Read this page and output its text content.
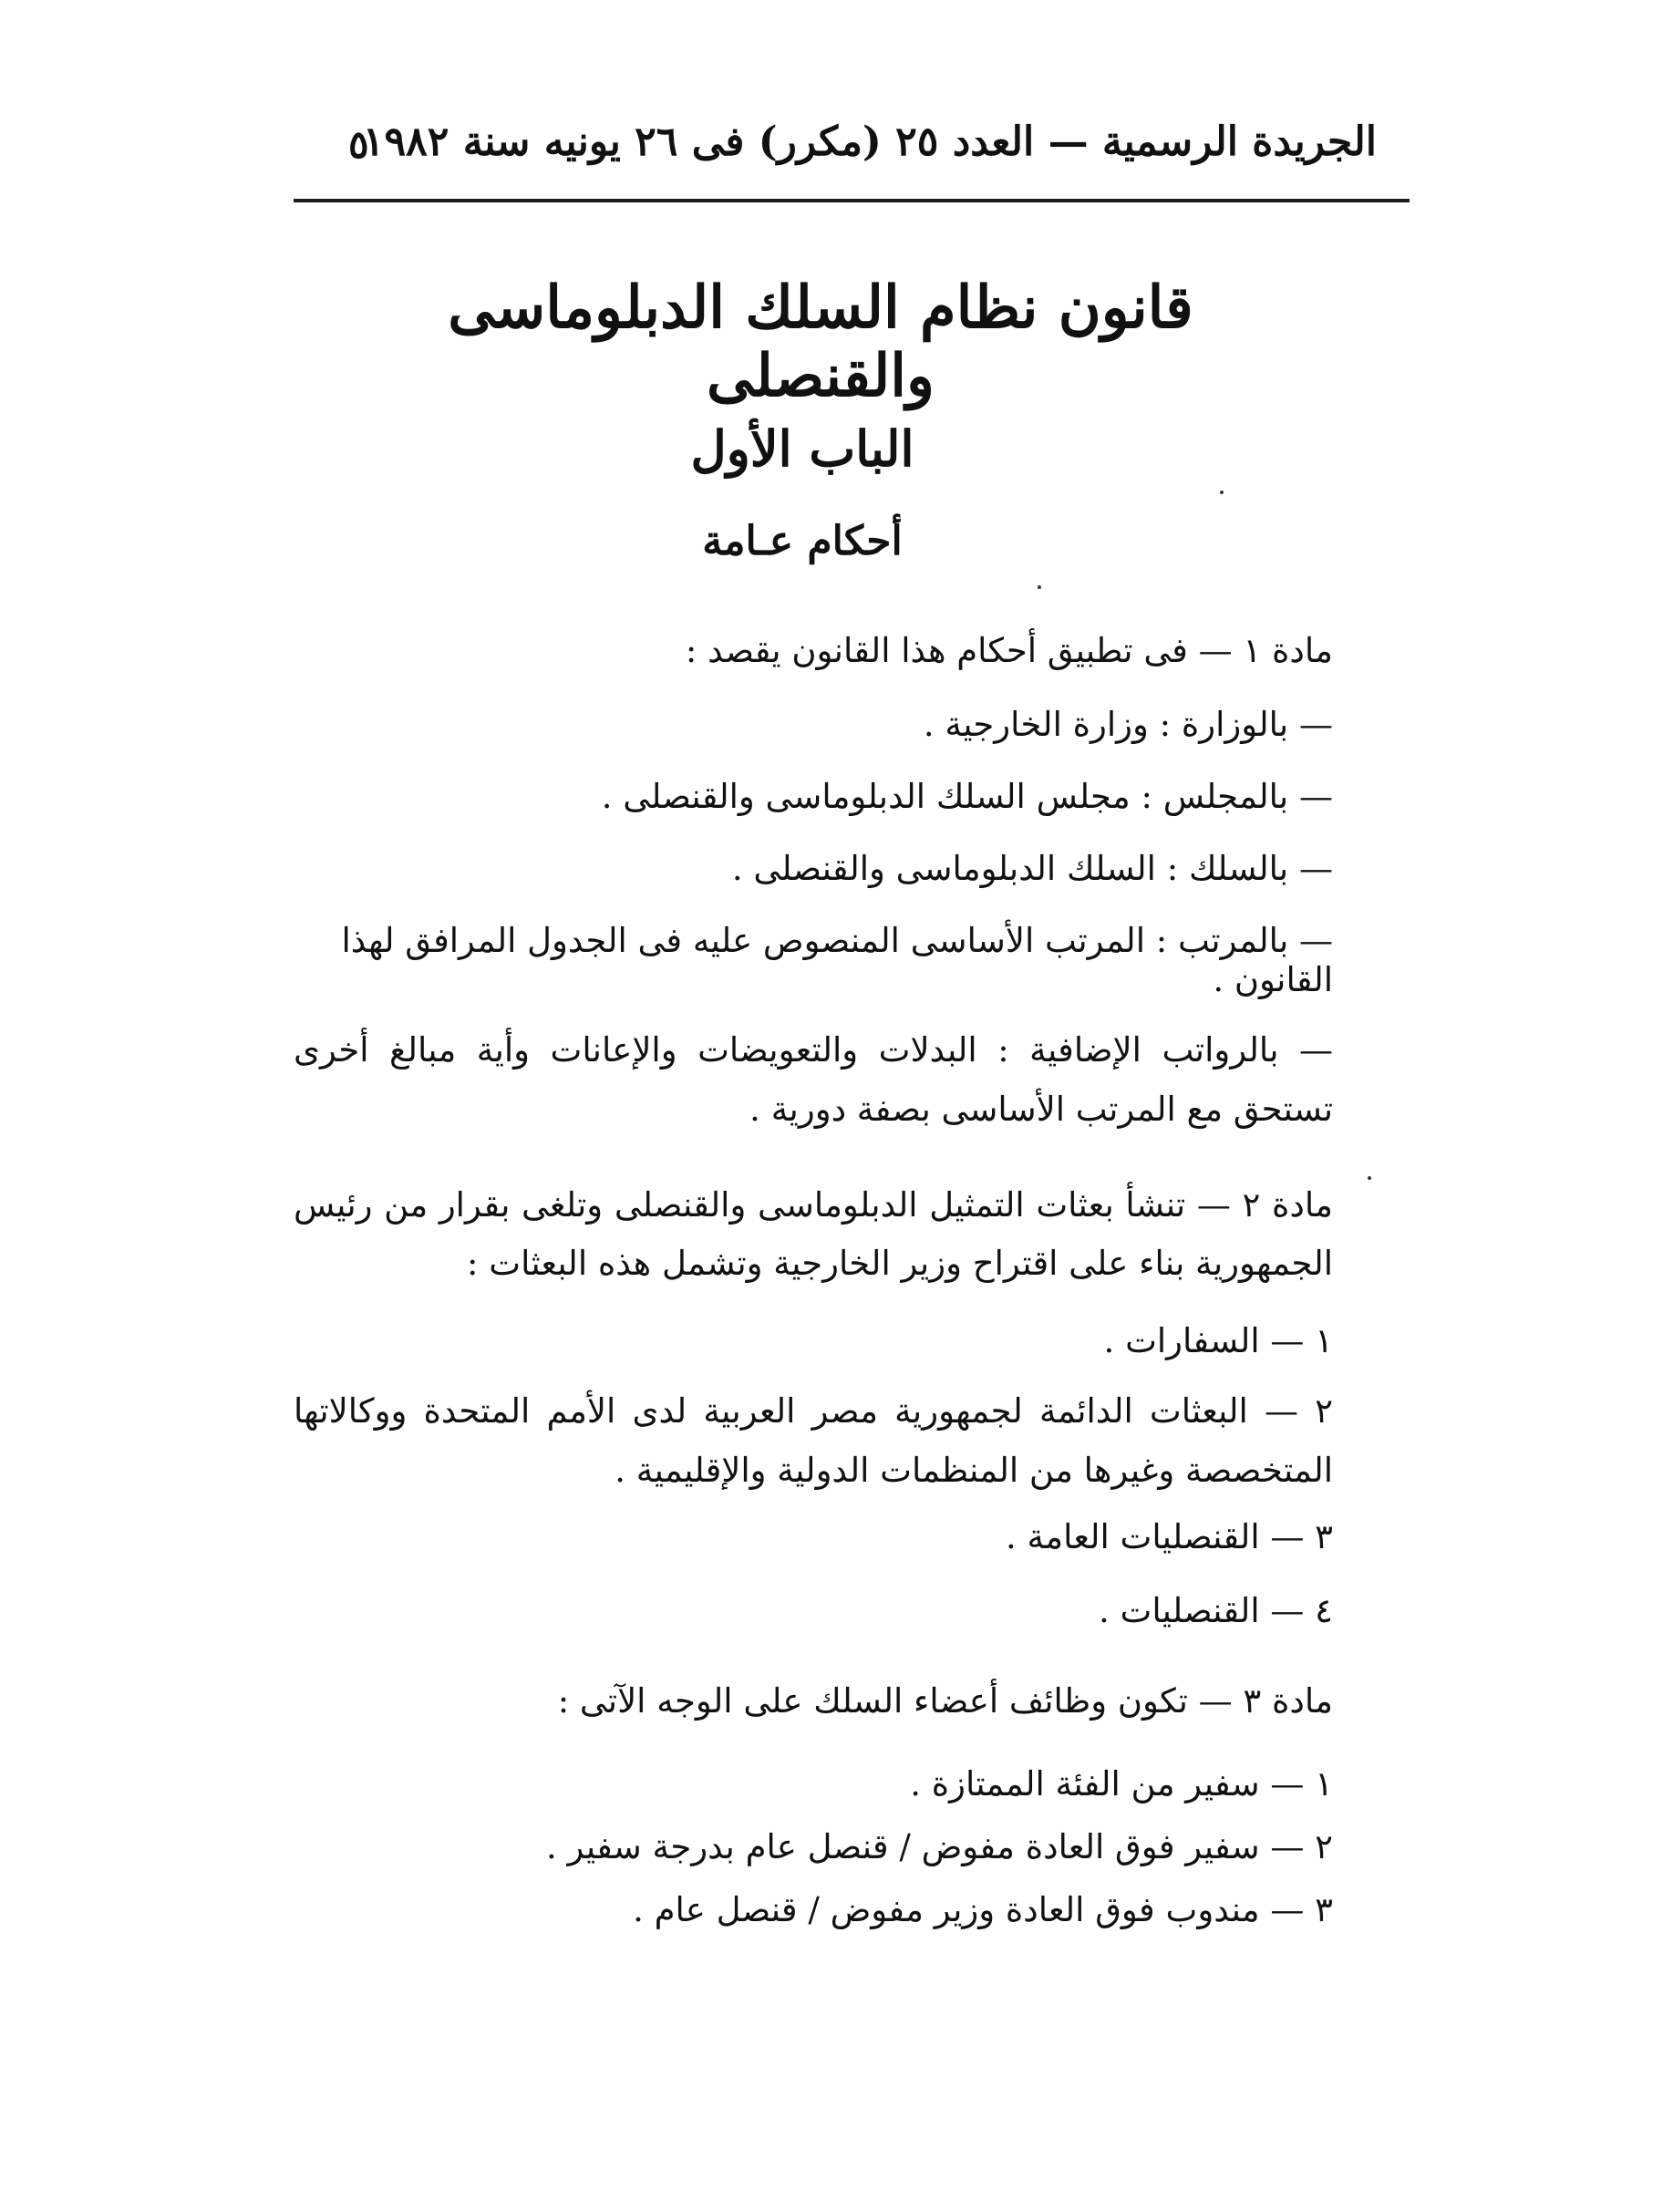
الجريدة الرسمية — العدد ٢٥ (مكرر) فى ٢٦ يونيه سنة ١٩٨٢
٥
قانون نظام السلك الدبلوماسى والقنصلى
الباب الأول
أحكام عـامة

مادة ١ — فى تطبيق أحكام هذا القانون يقصد :

— بالوزارة : وزارة الخارجية .

— بالمجلس : مجلس السلك الدبلوماسى والقنصلى .

— بالسلك : السلك الدبلوماسى والقنصلى .

— بالمرتب : المرتب الأساسى المنصوص عليه فى الجدول المرافق لهذا القانون .

— بالرواتب الإضافية : البدلات والتعويضات والإعانات وأية مبالغ أخرى تستحق مع المرتب الأساسى بصفة دورية .

مادة ٢ — تنشأ بعثات التمثيل الدبلوماسى والقنصلى وتلغى بقرار من رئيس الجمهورية بناء على اقتراح وزير الخارجية وتشمل هذه البعثات :

١ — السفارات .

٢ — البعثات الدائمة لجمهورية مصر العربية لدى الأمم المتحدة ووكالاتها المتخصصة وغيرها من المنظمات الدولية والإقليمية .

٣ — القنصليات العامة .

٤ — القنصليات .

مادة ٣ — تكون وظائف أعضاء السلك على الوجه الآتى :

١ — سفير من الفئة الممتازة .

٢ — سفير فوق العادة مفوض / قنصل عام بدرجة سفير .

٣ — مندوب فوق العادة وزير مفوض / قنصل عام .
